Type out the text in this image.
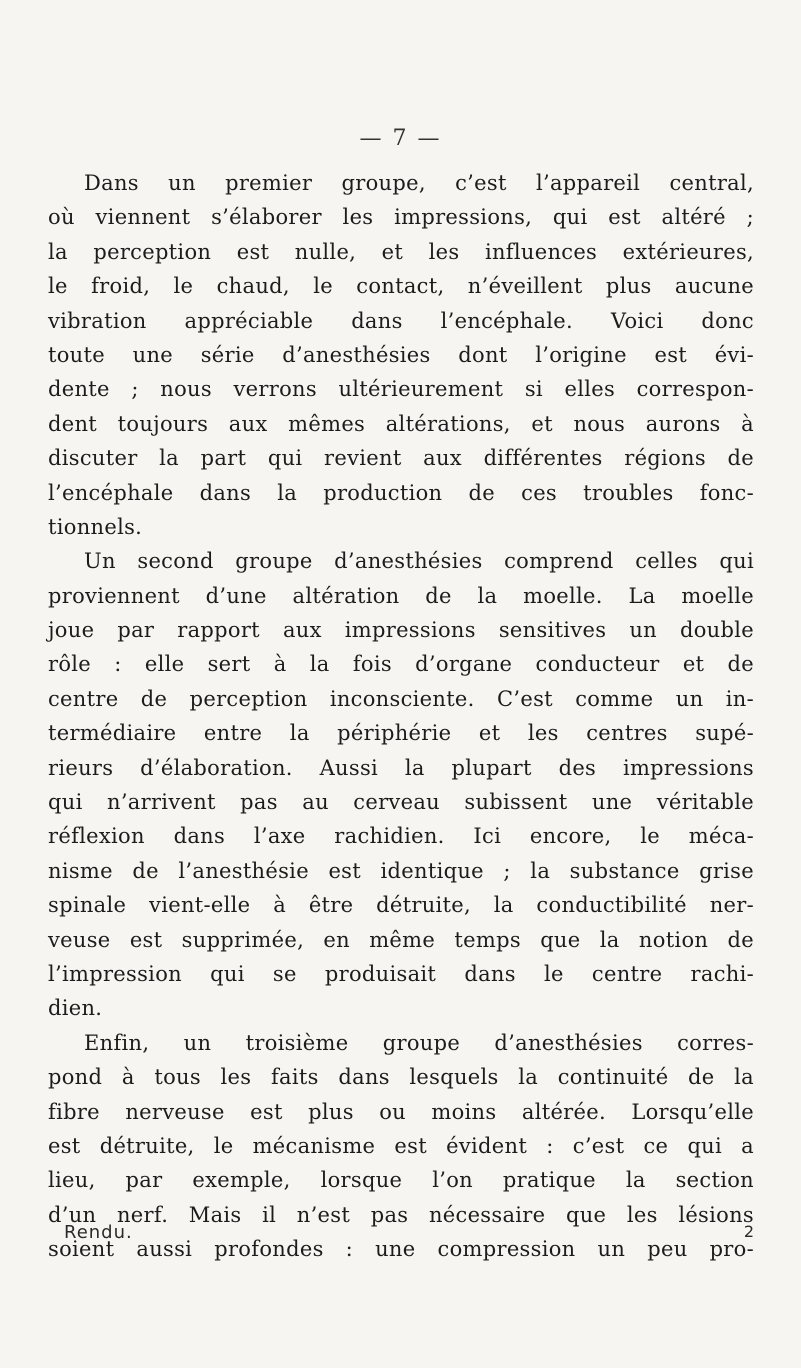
— 7 —
Dans un premier groupe, c’est l’appareil central,
où viennent s’élaborer les impressions, qui est altéré ;
la perception est nulle, et les influences extérieures,
le froid, le chaud, le contact, n’éveillent plus aucune
vibration appréciable dans l’encéphale. Voici donc
toute une série d’anesthésies dont l’origine est évi-
dente ; nous verrons ultérieurement si elles correspon-
dent toujours aux mêmes altérations, et nous aurons à
discuter la part qui revient aux différentes régions de
l’encéphale dans la production de ces troubles fonc-
tionnels.
Un second groupe d’anesthésies comprend celles qui
proviennent d’une altération de la moelle. La moelle
joue par rapport aux impressions sensitives un double
rôle : elle sert à la fois d’organe conducteur et de
centre de perception inconsciente. C’est comme un in-
termédiaire entre la périphérie et les centres supé-
rieurs d’élaboration. Aussi la plupart des impressions
qui n’arrivent pas au cerveau subissent une véritable
réflexion dans l’axe rachidien. Ici encore, le méca-
nisme de l’anesthésie est identique ; la substance grise
spinale vient-elle à être détruite, la conductibilité ner-
veuse est supprimée, en même temps que la notion de
l’impression qui se produisait dans le centre rachi-
dien.
Enfin, un troisième groupe d’anesthésies corres-
pond à tous les faits dans lesquels la continuité de la
fibre nerveuse est plus ou moins altérée. Lorsqu’elle
est détruite, le mécanisme est évident : c’est ce qui a
lieu, par exemple, lorsque l’on pratique la section
d’un nerf. Mais il n’est pas nécessaire que les lésions
soient aussi profondes : une compression un peu pro-
Rendu.	2
